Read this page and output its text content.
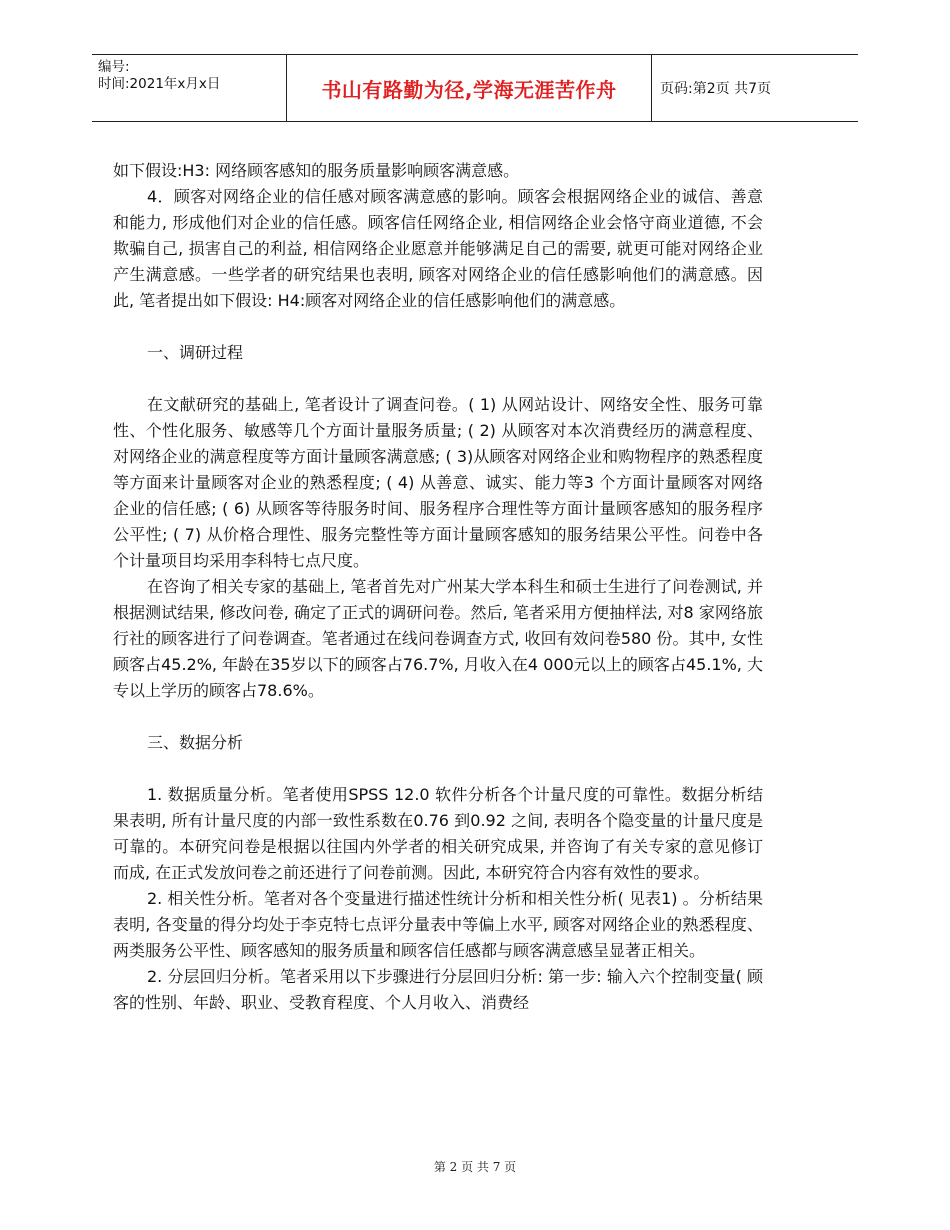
编号:
时间:2021年x月x日	书山有路勤为径,学海无涯苦作舟	页码:第2页 共7页

如下假设:H3: 网络顾客感知的服务质量影响顾客满意感。

4．顾客对网络企业的信任感对顾客满意感的影响。顾客会根据网络企业的诚信、善意和能力, 形成他们对企业的信任感。顾客信任网络企业, 相信网络企业会恪守商业道德, 不会欺骗自己, 损害自己的利益, 相信网络企业愿意并能够满足自己的需要, 就更可能对网络企业产生满意感。一些学者的研究结果也表明, 顾客对网络企业的信任感影响他们的满意感。因此, 笔者提出如下假设: H4:顾客对网络企业的信任感影响他们的满意感。

一、调研过程

在文献研究的基础上, 笔者设计了调查问卷。( 1) 从网站设计、网络安全性、服务可靠性、个性化服务、敏感等几个方面计量服务质量; ( 2) 从顾客对本次消费经历的满意程度、对网络企业的满意程度等方面计量顾客满意感; ( 3)从顾客对网络企业和购物程序的熟悉程度等方面来计量顾客对企业的熟悉程度; ( 4) 从善意、诚实、能力等3 个方面计量顾客对网络企业的信任感; ( 6) 从顾客等待服务时间、服务程序合理性等方面计量顾客感知的服务程序公平性; ( 7) 从价格合理性、服务完整性等方面计量顾客感知的服务结果公平性。问卷中各个计量项目均采用李科特七点尺度。

在咨询了相关专家的基础上, 笔者首先对广州某大学本科生和硕士生进行了问卷测试, 并根据测试结果, 修改问卷, 确定了正式的调研问卷。然后, 笔者采用方便抽样法, 对8 家网络旅行社的顾客进行了问卷调查。笔者通过在线问卷调查方式, 收回有效问卷580 份。其中, 女性顾客占45.2%, 年龄在35岁以下的顾客占76.7%, 月收入在4 000元以上的顾客占45.1%, 大专以上学历的顾客占78.6%。

三、数据分析

1. 数据质量分析。笔者使用SPSS 12.0 软件分析各个计量尺度的可靠性。数据分析结果表明, 所有计量尺度的内部一致性系数在0.76 到0.92 之间, 表明各个隐变量的计量尺度是可靠的。本研究问卷是根据以往国内外学者的相关研究成果, 并咨询了有关专家的意见修订而成, 在正式发放问卷之前还进行了问卷前测。因此, 本研究符合内容有效性的要求。

2. 相关性分析。笔者对各个变量进行描述性统计分析和相关性分析( 见表1) 。分析结果表明, 各变量的得分均处于李克特七点评分量表中等偏上水平, 顾客对网络企业的熟悉程度、两类服务公平性、顾客感知的服务质量和顾客信任感都与顾客满意感呈显著正相关。

2. 分层回归分析。笔者采用以下步骤进行分层回归分析: 第一步: 输入六个控制变量( 顾客的性别、年龄、职业、受教育程度、个人月收入、消费经

第 2 页 共 7 页
